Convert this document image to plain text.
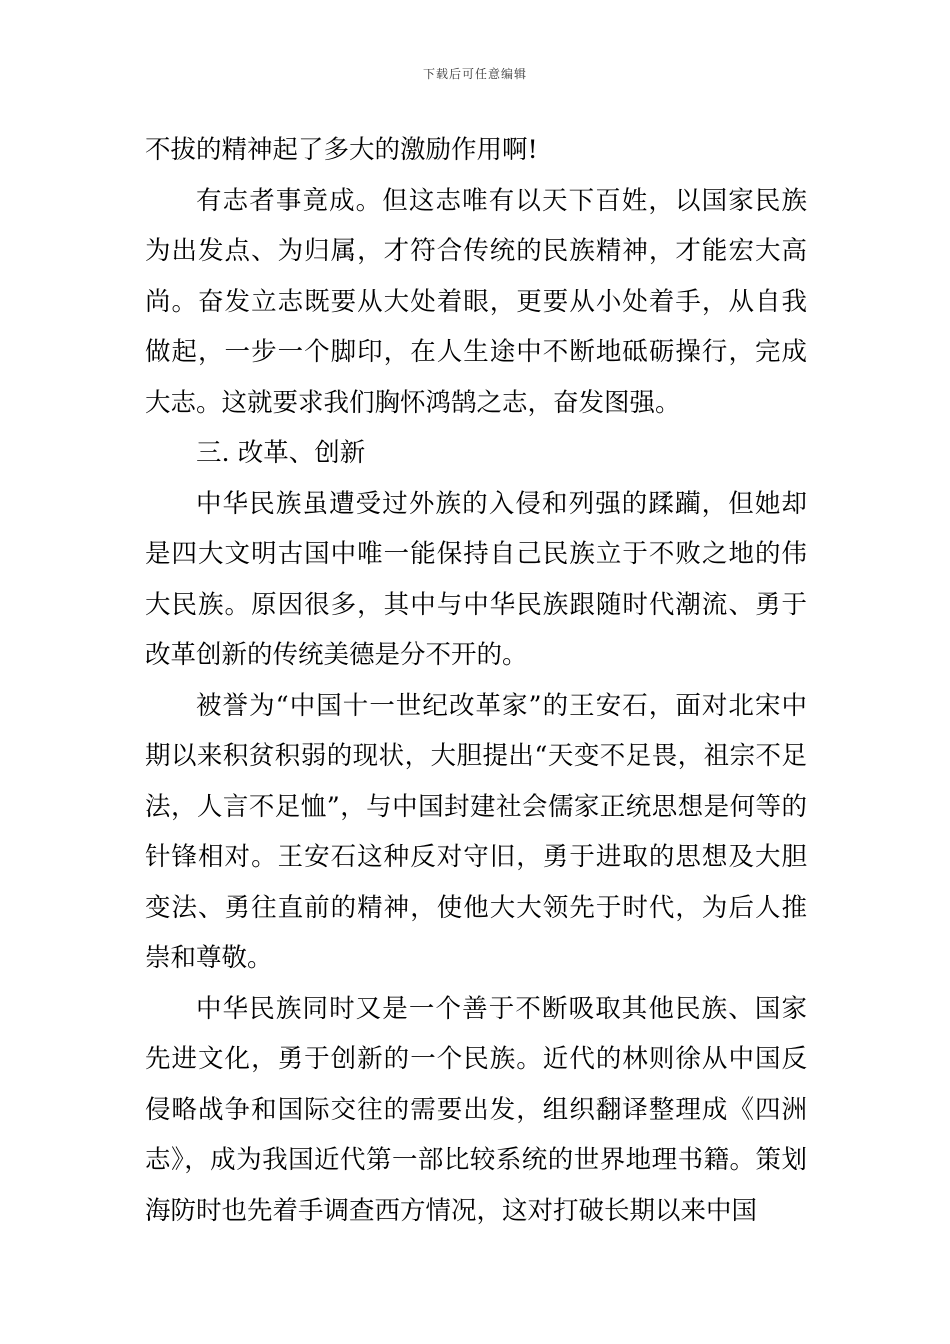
下载后可任意编辑

不拔的精神起了多大的激励作用啊!

有志者事竟成。但这志唯有以天下百姓，以国家民族为出发点、为归属，才符合传统的民族精神，才能宏大高尚。奋发立志既要从大处着眼，更要从小处着手，从自我做起，一步一个脚印，在人生途中不断地砥砺操行，完成大志。这就要求我们胸怀鸿鹄之志，奋发图强。

三. 改革、创新

中华民族虽遭受过外族的入侵和列强的蹂躏，但她却是四大文明古国中唯一能保持自己民族立于不败之地的伟大民族。原因很多，其中与中华民族跟随时代潮流、勇于改革创新的传统美德是分不开的。

被誉为“中国十一世纪改革家”的王安石，面对北宋中期以来积贫积弱的现状，大胆提出“天变不足畏，祖宗不足法，人言不足恤”，与中国封建社会儒家正统思想是何等的针锋相对。王安石这种反对守旧，勇于进取的思想及大胆变法、勇往直前的精神，使他大大领先于时代，为后人推崇和尊敬。

中华民族同时又是一个善于不断吸取其他民族、国家先进文化，勇于创新的一个民族。近代的林则徐从中国反侵略战争和国际交往的需要出发，组织翻译整理成《四洲志》，成为我国近代第一部比较系统的世界地理书籍。策划海防时也先着手调查西方情况，这对打破长期以来中国
